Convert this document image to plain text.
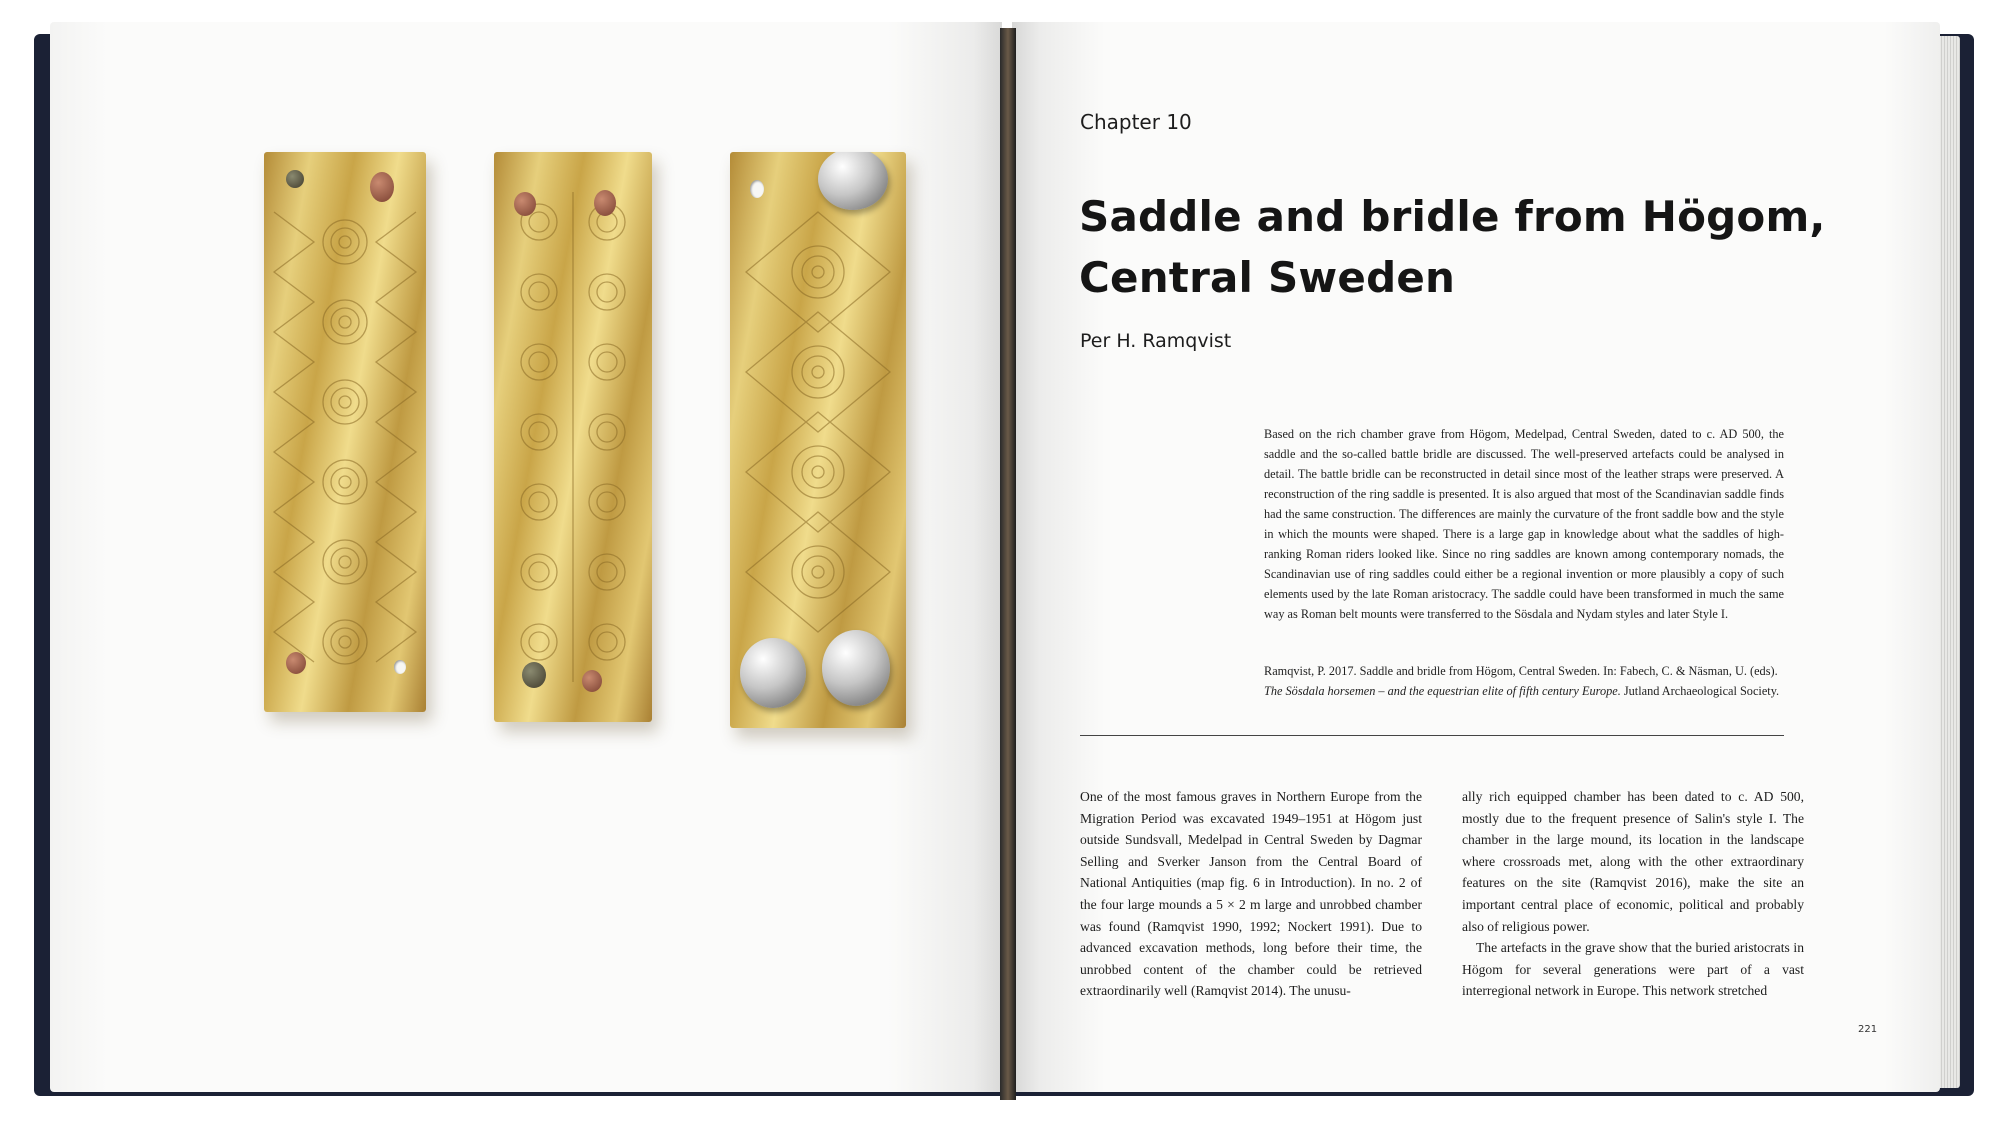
Chapter 10
Saddle and bridle from Högom,
Central Sweden
Per H. Ramqvist
Based on the rich chamber grave from Högom, Medelpad, Central Sweden, dated to c. AD 500, the saddle and the so-called battle bridle are discussed. The well-preserved artefacts could be analysed in detail. The battle bridle can be reconstructed in detail since most of the leather straps were preserved. A reconstruction of the ring saddle is presented. It is also argued that most of the Scandinavian saddle finds had the same construction. The differences are mainly the curvature of the front saddle bow and the style in which the mounts were shaped. There is a large gap in knowledge about what the saddles of high-ranking Roman riders looked like. Since no ring saddles are known among contemporary nomads, the Scandinavian use of ring saddles could either be a regional invention or more plausibly a copy of such elements used by the late Roman aristocracy. The saddle could have been transformed in much the same way as Roman belt mounts were transferred to the Sösdala and Nydam styles and later Style I.
Ramqvist, P. 2017. Saddle and bridle from Högom, Central Sweden. In: Fabech, C. & Näsman, U. (eds). The Sösdala horsemen – and the equestrian elite of fifth century Europe. Jutland Archaeological Society.

One of the most famous graves in Northern Europe from the Migration Period was excavated 1949–1951 at Högom just outside Sundsvall, Medelpad in Central Sweden by Dagmar Selling and Sverker Janson from the Central Board of National Antiquities (map fig. 6 in Introduction). In no. 2 of the four large mounds a 5 × 2 m large and unrobbed chamber was found (Ramqvist 1990, 1992; Nockert 1991). Due to advanced excavation methods, long before their time, the unrobbed content of the chamber could be retrieved extraordinarily well (Ramqvist 2014). The unusu-

ally rich equipped chamber has been dated to c. AD 500, mostly due to the frequent presence of Salin's style I. The chamber in the large mound, its location in the landscape where crossroads met, along with the other extraordinary features on the site (Ramqvist 2016), make the site an important central place of economic, political and probably also of religious power.

The artefacts in the grave show that the buried aristocrats in Högom for several generations were part of a vast interregional network in Europe. This network stretched

221
